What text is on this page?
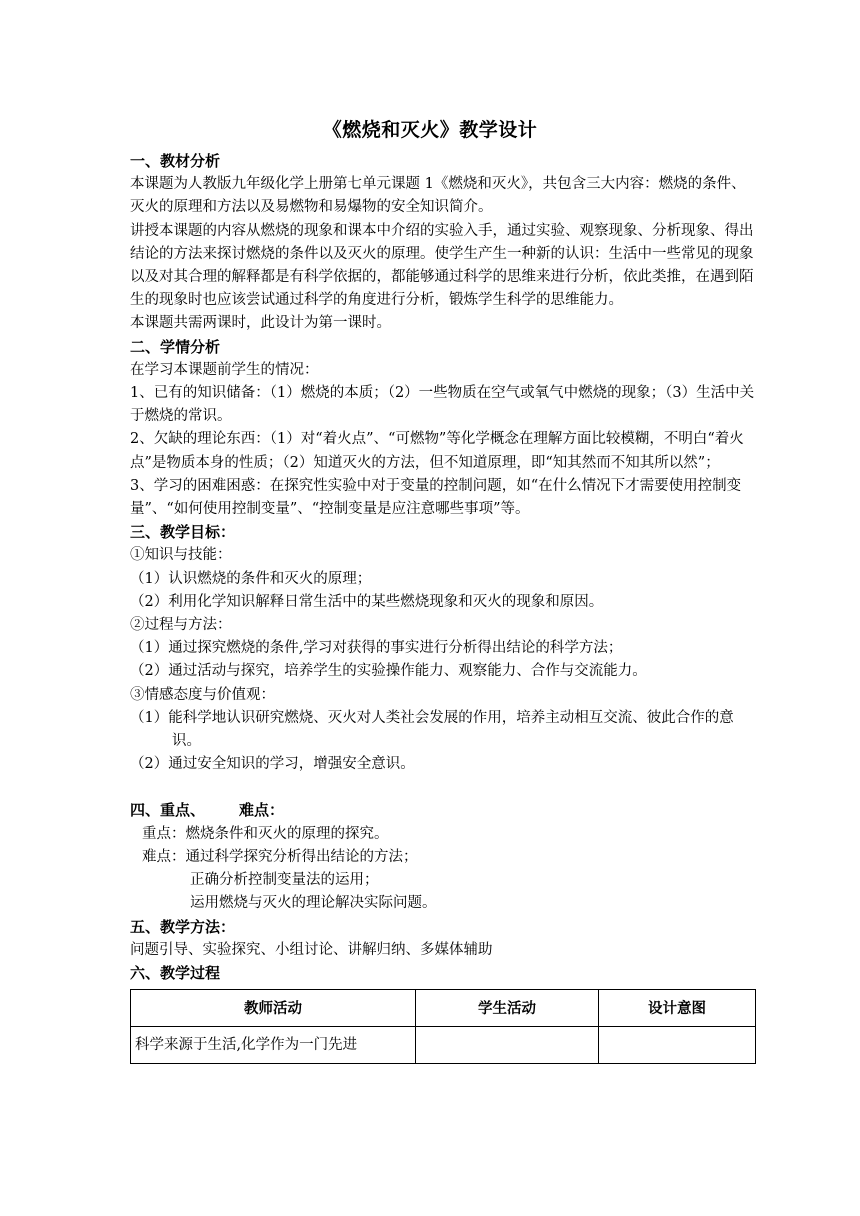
《燃烧和灭火》教学设计

一、教材分析

本课题为人教版九年级化学上册第七单元课题 1《燃烧和灭火》，共包含三大内容：燃烧的条件、灭火的原理和方法以及易燃物和易爆物的安全知识简介。

讲授本课题的内容从燃烧的现象和课本中介绍的实验入手，通过实验、观察现象、分析现象、得出结论的方法来探讨燃烧的条件以及灭火的原理。使学生产生一种新的认识：生活中一些常见的现象以及对其合理的解释都是有科学依据的，都能够通过科学的思维来进行分析，依此类推，在遇到陌生的现象时也应该尝试通过科学的角度进行分析，锻炼学生科学的思维能力。

本课题共需两课时，此设计为第一课时。

二、学情分析

在学习本课题前学生的情况：

1、已有的知识储备：（1）燃烧的本质；（2）一些物质在空气或氧气中燃烧的现象；（3）生活中关于燃烧的常识。

2、欠缺的理论东西：（1）对“着火点”、“可燃物”等化学概念在理解方面比较模糊，不明白“着火点”是物质本身的性质；（2）知道灭火的方法，但不知道原理，即“知其然而不知其所以然”；

3、学习的困难困惑：在探究性实验中对于变量的控制问题，如“在什么情况下才需要使用控制变量”、“如何使用控制变量”、“控制变量是应注意哪些事项”等。

三、教学目标：

①知识与技能：

（1）认识燃烧的条件和灭火的原理；

（2）利用化学知识解释日常生活中的某些燃烧现象和灭火的现象和原因。

②过程与方法：

（1）通过探究燃烧的条件,学习对获得的事实进行分析得出结论的科学方法；

（2）通过活动与探究，培养学生的实验操作能力、观察能力、合作与交流能力。

③情感态度与价值观：

（1）能科学地认识研究燃烧、灭火对人类社会发展的作用，培养主动相互交流、彼此合作的意识。

（2）通过安全知识的学习，增强安全意识。

四、重点、 难点：

重点：燃烧条件和灭火的原理的探究。

难点：通过科学探究分析得出结论的方法；

正确分析控制变量法的运用；

运用燃烧与灭火的理论解决实际问题。

五、教学方法：

问题引导、实验探究、小组讨论、讲解归纳、多媒体辅助

六、教学过程

教师活动	学生活动	设计意图
科学来源于生活,化学作为一门先进		
